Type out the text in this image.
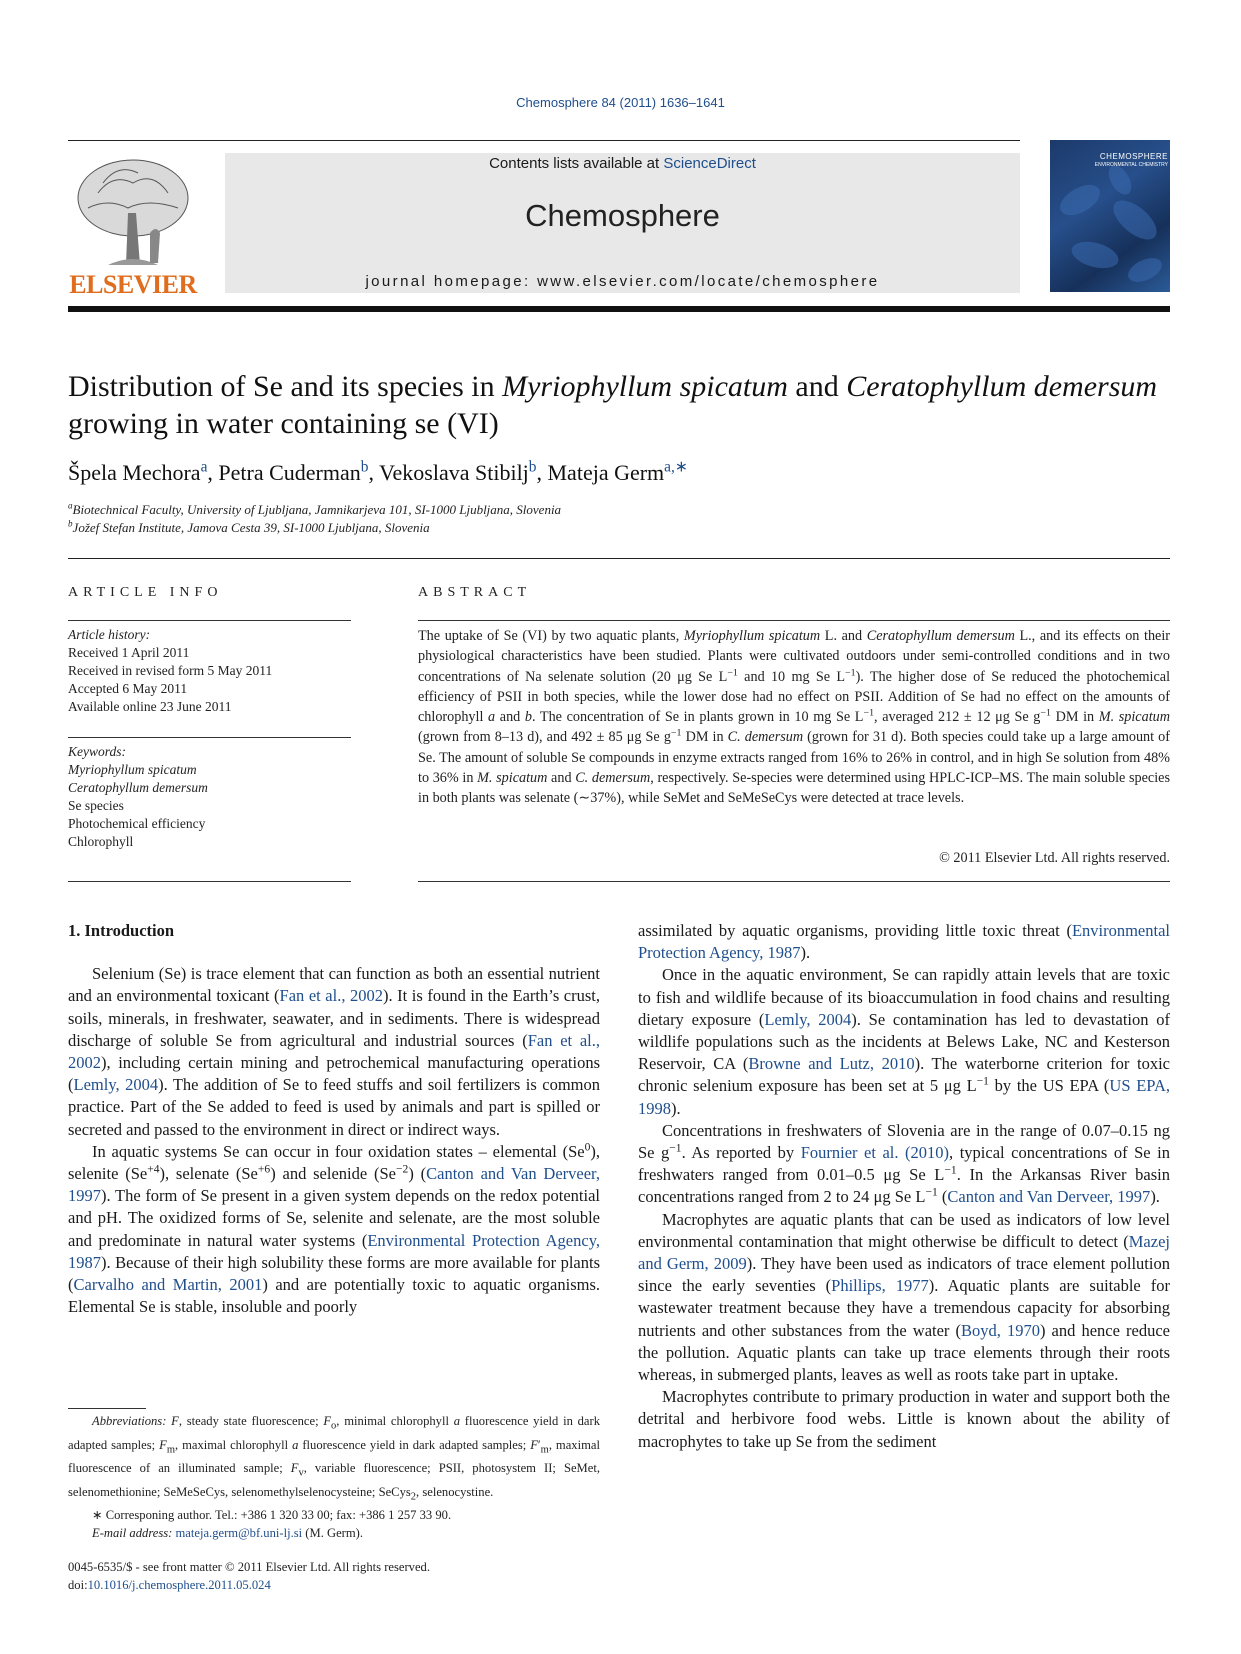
Chemosphere 84 (2011) 1636–1641
ELSEVIER
Contents lists available at ScienceDirect
Chemosphere
journal homepage: www.elsevier.com/locate/chemosphere
CHEMOSPHERE
ENVIRONMENTAL CHEMISTRY
Distribution of Se and its species in Myriophyllum spicatum and Ceratophyllum demersum growing in water containing se (VI)
Špela Mechora$^a$, Petra Cuderman$^b$, Vekoslava Stibilj$^b$, Mateja Germ$^{a,∗}$
$^a$Biotechnical Faculty, University of Ljubljana, Jamnikarjeva 101, SI-1000 Ljubljana, Slovenia
$^b$Jožef Stefan Institute, Jamova Cesta 39, SI-1000 Ljubljana, Slovenia
ARTICLE INFO	ABSTRACT
Article history:
Received 1 April 2011
Received in revised form 5 May 2011
Accepted 6 May 2011
Available online 23 June 2011
Keywords:
Myriophyllum spicatum
Ceratophyllum demersum
Se species
Photochemical efficiency
Chlorophyll
The uptake of Se (VI) by two aquatic plants, Myriophyllum spicatum L. and Ceratophyllum demersum L., and its effects on their physiological characteristics have been studied. Plants were cultivated outdoors under semi-controlled conditions and in two concentrations of Na selenate solution (20 μg Se $L^{-1}$ and 10 mg Se $L^{-1}$). The higher dose of Se reduced the photochemical efficiency of PSII in both species, while the lower dose had no effect on PSII. Addition of Se had no effect on the amounts of chlorophyll a and b. The concentration of Se in plants grown in 10 mg Se $L^{-1}$, averaged 212 ± 12 μg Se $g^{-1}$ DM in M. spicatum (grown from 8–13 d), and 492 ± 85 μg Se $g^{-1}$ DM in C. demersum (grown for 31 d). Both species could take up a large amount of Se. The amount of soluble Se compounds in enzyme extracts ranged from 16% to 26% in control, and in high Se solution from 48% to 36% in M. spicatum and C. demersum, respectively. Se-species were determined using HPLC-ICP–MS. The main soluble species in both plants was selenate (∼37%), while SeMet and SeMeSeCys were detected at trace levels.
© 2011 Elsevier Ltd. All rights reserved.
1. Introduction

Selenium (Se) is trace element that can function as both an essential nutrient and an environmental toxicant (Fan et al., 2002). It is found in the Earth’s crust, soils, minerals, in freshwater, seawater, and in sediments. There is widespread discharge of soluble Se from agricultural and industrial sources (Fan et al., 2002), including certain mining and petrochemical manufacturing operations (Lemly, 2004). The addition of Se to feed stuffs and soil fertilizers is common practice. Part of the Se added to feed is used by animals and part is spilled or secreted and passed to the environment in direct or indirect ways.

In aquatic systems Se can occur in four oxidation states – elemental (Se$^0$), selenite $(Se^{+4})$, selenate $(Se^{+6})$ and selenide $(Se^{-2})$ (Canton and Van Derveer, 1997). The form of Se present in a given system depends on the redox potential and pH. The oxidized forms of Se, selenite and selenate, are the most soluble and predominate in natural water systems (Environmental Protection Agency, 1987). Because of their high solubility these forms are more available for plants (Carvalho and Martin, 2001) and are potentially toxic to aquatic organisms. Elemental Se is stable, insoluble and poorly

assimilated by aquatic organisms, providing little toxic threat (Environmental Protection Agency, 1987).

Once in the aquatic environment, Se can rapidly attain levels that are toxic to fish and wildlife because of its bioaccumulation in food chains and resulting dietary exposure (Lemly, 2004). Se contamination has led to devastation of wildlife populations such as the incidents at Belews Lake, NC and Kesterson Reservoir, CA (Browne and Lutz, 2010). The waterborne criterion for toxic chronic selenium exposure has been set at 5 μg $L^{-1}$ by the US EPA (US EPA, 1998).

Concentrations in freshwaters of Slovenia are in the range of 0.07–0.15 ng Se $g^{-1}$. As reported by Fournier et al. (2010), typical concentrations of Se in freshwaters ranged from 0.01–0.5 μg Se $L^{-1}$. In the Arkansas River basin concentrations ranged from 2 to 24 μg Se $L^{-1}$ (Canton and Van Derveer, 1997).

Macrophytes are aquatic plants that can be used as indicators of low level environmental contamination that might otherwise be difficult to detect (Mazej and Germ, 2009). They have been used as indicators of trace element pollution since the early seventies (Phillips, 1977). Aquatic plants are suitable for wastewater treatment because they have a tremendous capacity for absorbing nutrients and other substances from the water (Boyd, 1970) and hence reduce the pollution. Aquatic plants can take up trace elements through their roots whereas, in submerged plants, leaves as well as roots take part in uptake.

Macrophytes contribute to primary production in water and support both the detrital and herbivore food webs. Little is known about the ability of macrophytes to take up Se from the sediment

Abbreviations: F, steady state fluorescence; $F_o$, minimal chlorophyll a fluorescence yield in dark adapted samples; $F_m$, maximal chlorophyll a fluorescence yield in dark adapted samples; $F'_m$, maximal fluorescence of an illuminated sample; $F_v$, variable fluorescence; PSII, photosystem II; SeMet, selenomethionine; SeMeSeCys, selenomethylselenocysteine; SeCys$_2$, selenocystine.

∗ Corresponing author. Tel.: +386 1 320 33 00; fax: +386 1 257 33 90.

E-mail address: mateja.germ@bf.uni-lj.si (M. Germ).

0045-6535/$ - see front matter © 2011 Elsevier Ltd. All rights reserved.
doi:10.1016/j.chemosphere.2011.05.024
